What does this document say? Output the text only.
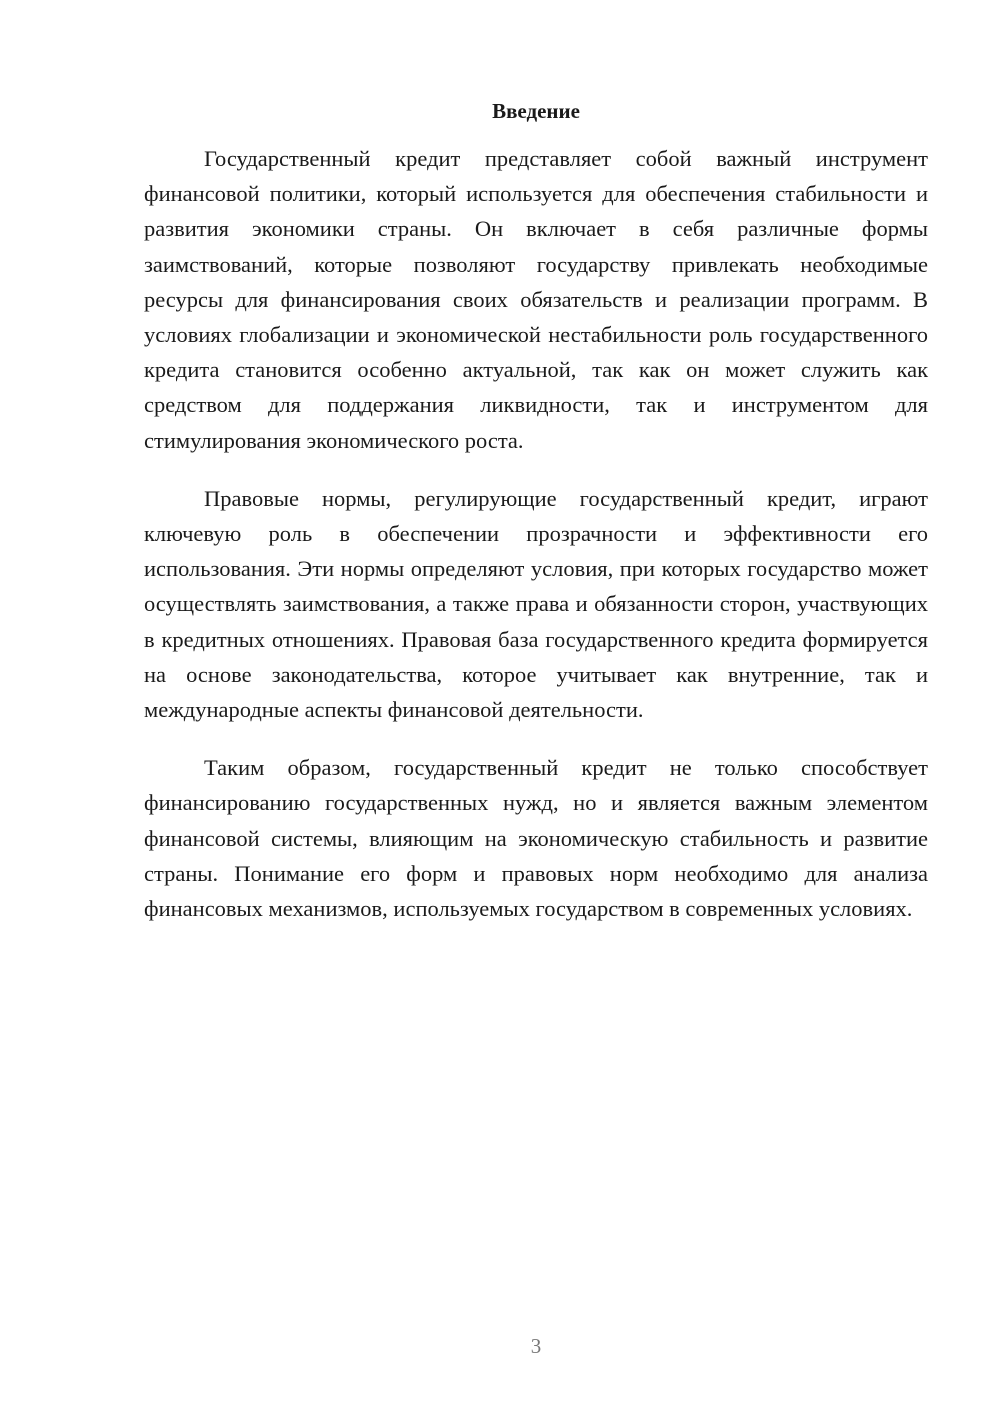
Введение

Государственный кредит представляет собой важный инструмент финансовой политики, который используется для обеспечения стабильности и развития экономики страны. Он включает в себя различные формы заимствований, которые позволяют государству привлекать необходимые ресурсы для финансирования своих обязательств и реализации программ. В условиях глобализации и экономической нестабильности роль государственного кредита становится особенно актуальной, так как он может служить как средством для поддержания ликвидности, так и инструментом для стимулирования экономического роста.

Правовые нормы, регулирующие государственный кредит, играют ключевую роль в обеспечении прозрачности и эффективности его использования. Эти нормы определяют условия, при которых государство может осуществлять заимствования, а также права и обязанности сторон, участвующих в кредитных отношениях. Правовая база государственного кредита формируется на основе законодательства, которое учитывает как внутренние, так и международные аспекты финансовой деятельности.

Таким образом, государственный кредит не только способствует финансированию государственных нужд, но и является важным элементом финансовой системы, влияющим на экономическую стабильность и развитие страны. Понимание его форм и правовых норм необходимо для анализа финансовых механизмов, используемых государством в современных условиях.

3
